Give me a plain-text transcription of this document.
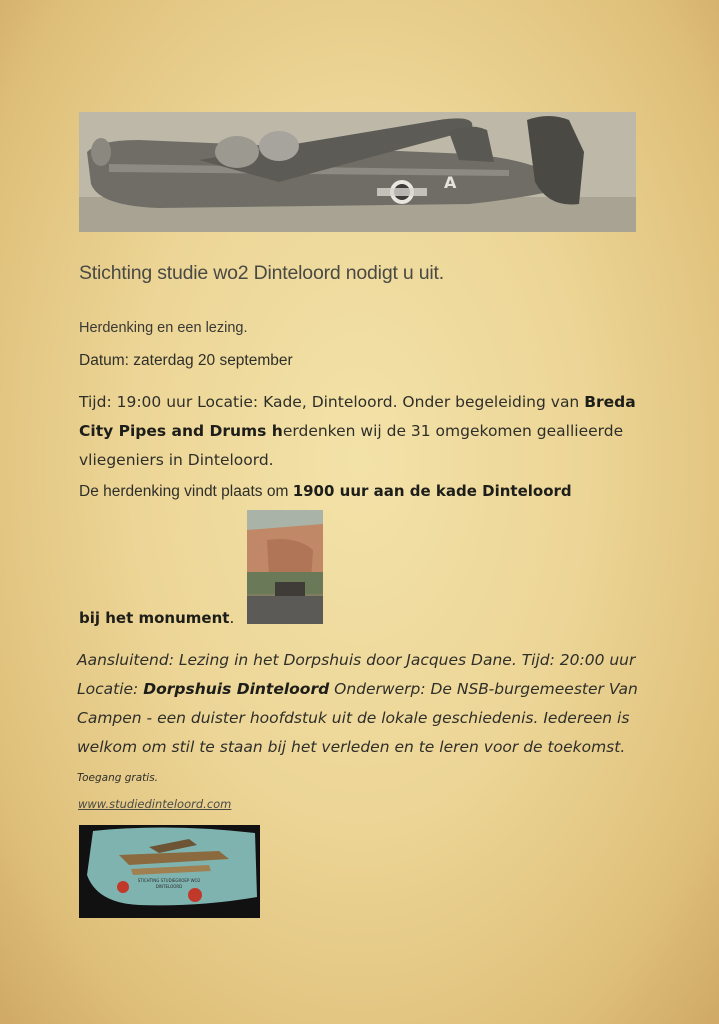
A
Stichting studie wo2 Dinteloord nodigt u uit.
Herdenking en een lezing.
Datum: zaterdag 20 september
Tijd: 19:00 uur Locatie: Kade, Dinteloord. Onder begeleiding van Breda City Pipes and Drums herdenken wij de 31 omgekomen geallieerde vliegeniers in Dinteloord.
De herdenking vindt plaats om 1900 uur aan de kade Dinteloord
bij het monument.
Aansluitend: Lezing in het Dorpshuis door Jacques Dane. Tijd: 20:00 uur Locatie: Dorpshuis Dinteloord Onderwerp: De NSB-burgemeester Van Campen - een duister hoofdstuk uit de lokale geschiedenis. Iedereen is welkom om stil te staan bij het verleden en te leren voor de toekomst. Toegang gratis.
www.studiedinteloord.com
STICHTING STUDIEGROEP WO2
DINTELOORD
